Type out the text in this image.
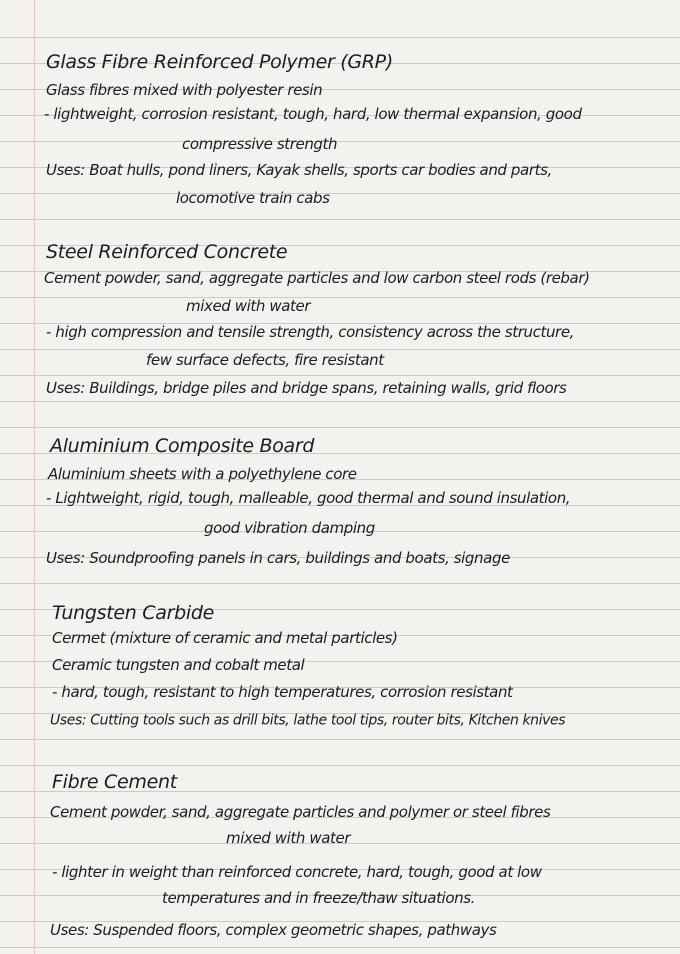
Glass Fibre Reinforced Polymer (GRP)
Glass fibres mixed with polyester resin
- lightweight, corrosion resistant, tough, hard, low thermal expansion, good
compressive strength
Uses: Boat hulls, pond liners, Kayak shells, sports car bodies and parts,
locomotive train cabs
Steel Reinforced Concrete
Cement powder, sand, aggregate particles and low carbon steel rods (rebar)
mixed with water
- high compression and tensile strength, consistency across the structure,
few surface defects, fire resistant
Uses: Buildings, bridge piles and bridge spans, retaining walls, grid floors
Aluminium Composite Board
Aluminium sheets with a polyethylene core
- Lightweight, rigid, tough, malleable, good thermal and sound insulation,
good vibration damping
Uses: Soundproofing panels in cars, buildings and boats, signage
Tungsten Carbide
Cermet (mixture of ceramic and metal particles)
Ceramic tungsten and cobalt metal
- hard, tough, resistant to high temperatures, corrosion resistant
Uses: Cutting tools such as drill bits, lathe tool tips, router bits, Kitchen knives
Fibre Cement
Cement powder, sand, aggregate particles and polymer or steel fibres
mixed with water
- lighter in weight than reinforced concrete, hard, tough, good at low
temperatures and in freeze/thaw situations.
Uses: Suspended floors, complex geometric shapes, pathways
